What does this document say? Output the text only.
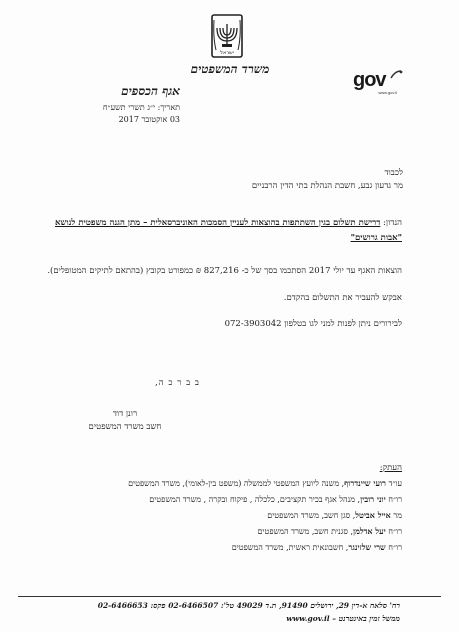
ישראל
משרד המשפטים	gov
www.gov.il
אגף הכספים
תאריך: י״ג תשרי תשע״ח
03 אוקטובר 2017
לכבוד
מר גדעון גבע, חשבת הנהלת בתי הדין הרבניים
הנדון: דרישת תשלום בגין השתתפות בהוצאות לעניין הסמכות האוניברסאלית – מתן הגנה משפטית לנושא "אבות גרושים"
הוצאות האגף עד יולי 2017 הסתכמו בסך של כ- 827,216 ₪ כמפורט בקובץ (בהתאם לתיקים המטופלים).
אבקש להעביר את התשלום בהקדם.
לבירורים ניתן לפנות למני לגו בטלפון 072-3903042
ב ב ר כ ה,
רונן דוד
חשב משרד המשפטים
העתק:
עו״ד רועי שיינדרוף, משנה ליועץ המשפטי לממשלה (משפט בין-לאומי), משרד המשפטים
רו״ח יוני רובין, מנהל אגף בכיר תקציבים, כלכלה , פיקוח ובקרה , משרד המשפטים
מר אייל אביטל, סגן חשב, משרד המשפטים
רו״ח יעל אדלמן, סגנית חשב, משרד המשפטים
רו״ח שרי שלזינגר, חשבונאית ראשית, משרד המשפטים
רח' סלאח א-דין 29, ירושלים 91490, ת.ד 49029 טל': 02-6466507 פקס: 02-6466653
ממשל זמין באינטרנט – www.gov.il
